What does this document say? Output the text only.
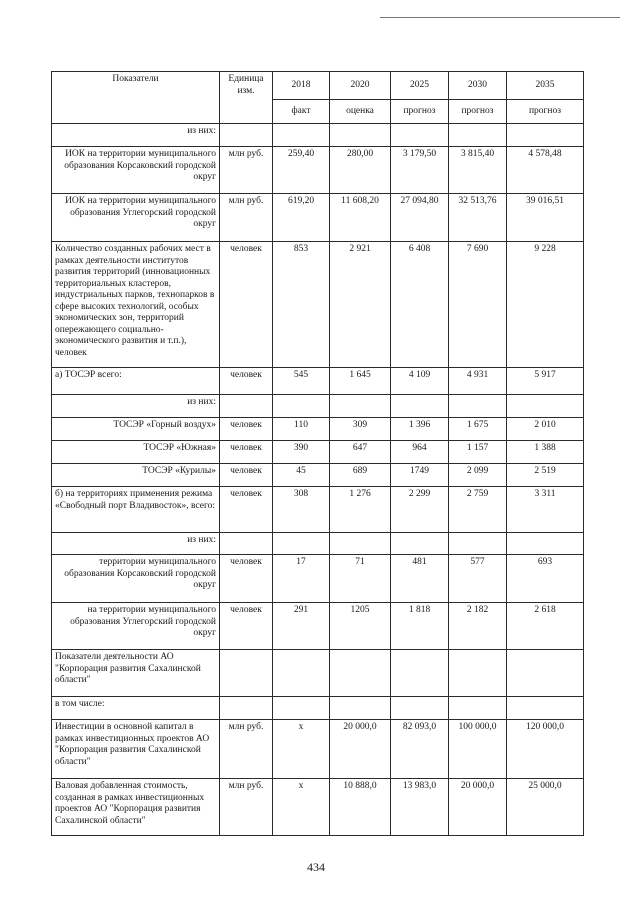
Показатели	Единица изм.	2018	2020	2025	2030	2035
		факт	оценка	прогноз	прогноз	прогноз
из них:						
ИОК на территории муниципального образования Корсаковский городской округ	млн руб.	259,40	280,00	3 179,50	3 815,40	4 578,48
ИОК на территории муниципального образования Углегорский городской округ	млн руб.	619,20	11 608,20	27 094,80	32 513,76	39 016,51
Количество созданных рабочих мест в рамках деятельности институтов развития территорий (инновационных территориальных кластеров, индустриальных парков, технопарков в сфере высоких технологий, особых экономических зон, территорий опережающего социально-экономического развития и т.п.), человек	человек	853	2 921	6 408	7 690	9 228
а) ТОСЭР всего:	человек	545	1 645	4 109	4 931	5 917
из них:						
ТОСЭР «Горный воздух»	человек	110	309	1 396	1 675	2 010
ТОСЭР «Южная»	человек	390	647	964	1 157	1 388
ТОСЭР «Курилы»	человек	45	689	1749	2 099	2 519
б) на территориях применения режима «Свободный порт Владивосток», всего:	человек	308	1 276	2 299	2 759	3 311
из них:						
территории муниципального образования Корсаковский городской округ	человек	17	71	481	577	693
на территории муниципального образования Углегорский городской округ	человек	291	1205	1 818	2 182	2 618
Показатели деятельности АО "Корпорация развития Сахалинской области"						
в том числе:						
Инвестиции в основной капитал в рамках инвестиционных проектов АО "Корпорация развития Сахалинской области"	млн руб.	x	20 000,0	82 093,0	100 000,0	120 000,0
Валовая добавленная стоимость, созданная в рамках инвестиционных проектов АО "Корпорация развития Сахалинской области"	млн руб.	x	10 888,0	13 983,0	20 000,0	25 000,0
434
